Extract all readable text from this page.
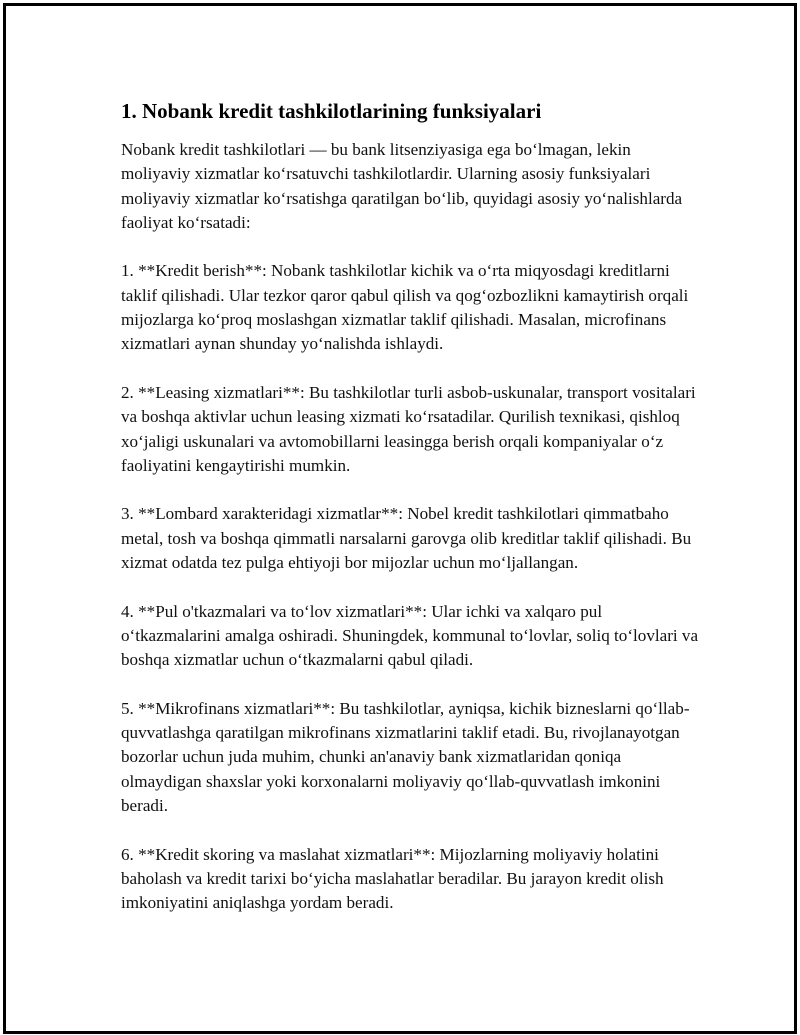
1. Nobank kredit tashkilotlarining funksiyalari

Nobank kredit tashkilotlari — bu bank litsenziyasiga ega bo‘lmagan, lekin moliyaviy xizmatlar ko‘rsatuvchi tashkilotlardir. Ularning asosiy funksiyalari moliyaviy xizmatlar ko‘rsatishga qaratilgan bo‘lib, quyidagi asosiy yo‘nalishlarda faoliyat ko‘rsatadi:

1. **Kredit berish**: Nobank tashkilotlar kichik va o‘rta miqyosdagi kreditlarni taklif qilishadi. Ular tezkor qaror qabul qilish va qog‘ozbozlikni kamaytirish orqali mijozlarga ko‘proq moslashgan xizmatlar taklif qilishadi. Masalan, microfinans xizmatlari aynan shunday yo‘nalishda ishlaydi.

2. **Leasing xizmatlari**: Bu tashkilotlar turli asbob-uskunalar, transport vositalari va boshqa aktivlar uchun leasing xizmati ko‘rsatadilar. Qurilish texnikasi, qishloq xo‘jaligi uskunalari va avtomobillarni leasingga berish orqali kompaniyalar o‘z faoliyatini kengaytirishi mumkin.

3. **Lombard xarakteridagi xizmatlar**: Nobel kredit tashkilotlari qimmatbaho metal, tosh va boshqa qimmatli narsalarni garovga olib kreditlar taklif qilishadi. Bu xizmat odatda tez pulga ehtiyoji bor mijozlar uchun mo‘ljallangan.

4. **Pul o'tkazmalari va to‘lov xizmatlari**: Ular ichki va xalqaro pul o‘tkazmalarini amalga oshiradi. Shuningdek, kommunal to‘lovlar, soliq to‘lovlari va boshqa xizmatlar uchun o‘tkazmalarni qabul qiladi.

5. **Mikrofinans xizmatlari**: Bu tashkilotlar, ayniqsa, kichik bizneslarni qo‘llab-quvvatlashga qaratilgan mikrofinans xizmatlarini taklif etadi. Bu, rivojlanayotgan bozorlar uchun juda muhim, chunki an'anaviy bank xizmatlaridan qoniqa olmaydigan shaxslar yoki korxonalarni moliyaviy qo‘llab-quvvatlash imkonini beradi.

6. **Kredit skoring va maslahat xizmatlari**: Mijozlarning moliyaviy holatini baholash va kredit tarixi bo‘yicha maslahatlar beradilar. Bu jarayon kredit olish imkoniyatini aniqlashga yordam beradi.
